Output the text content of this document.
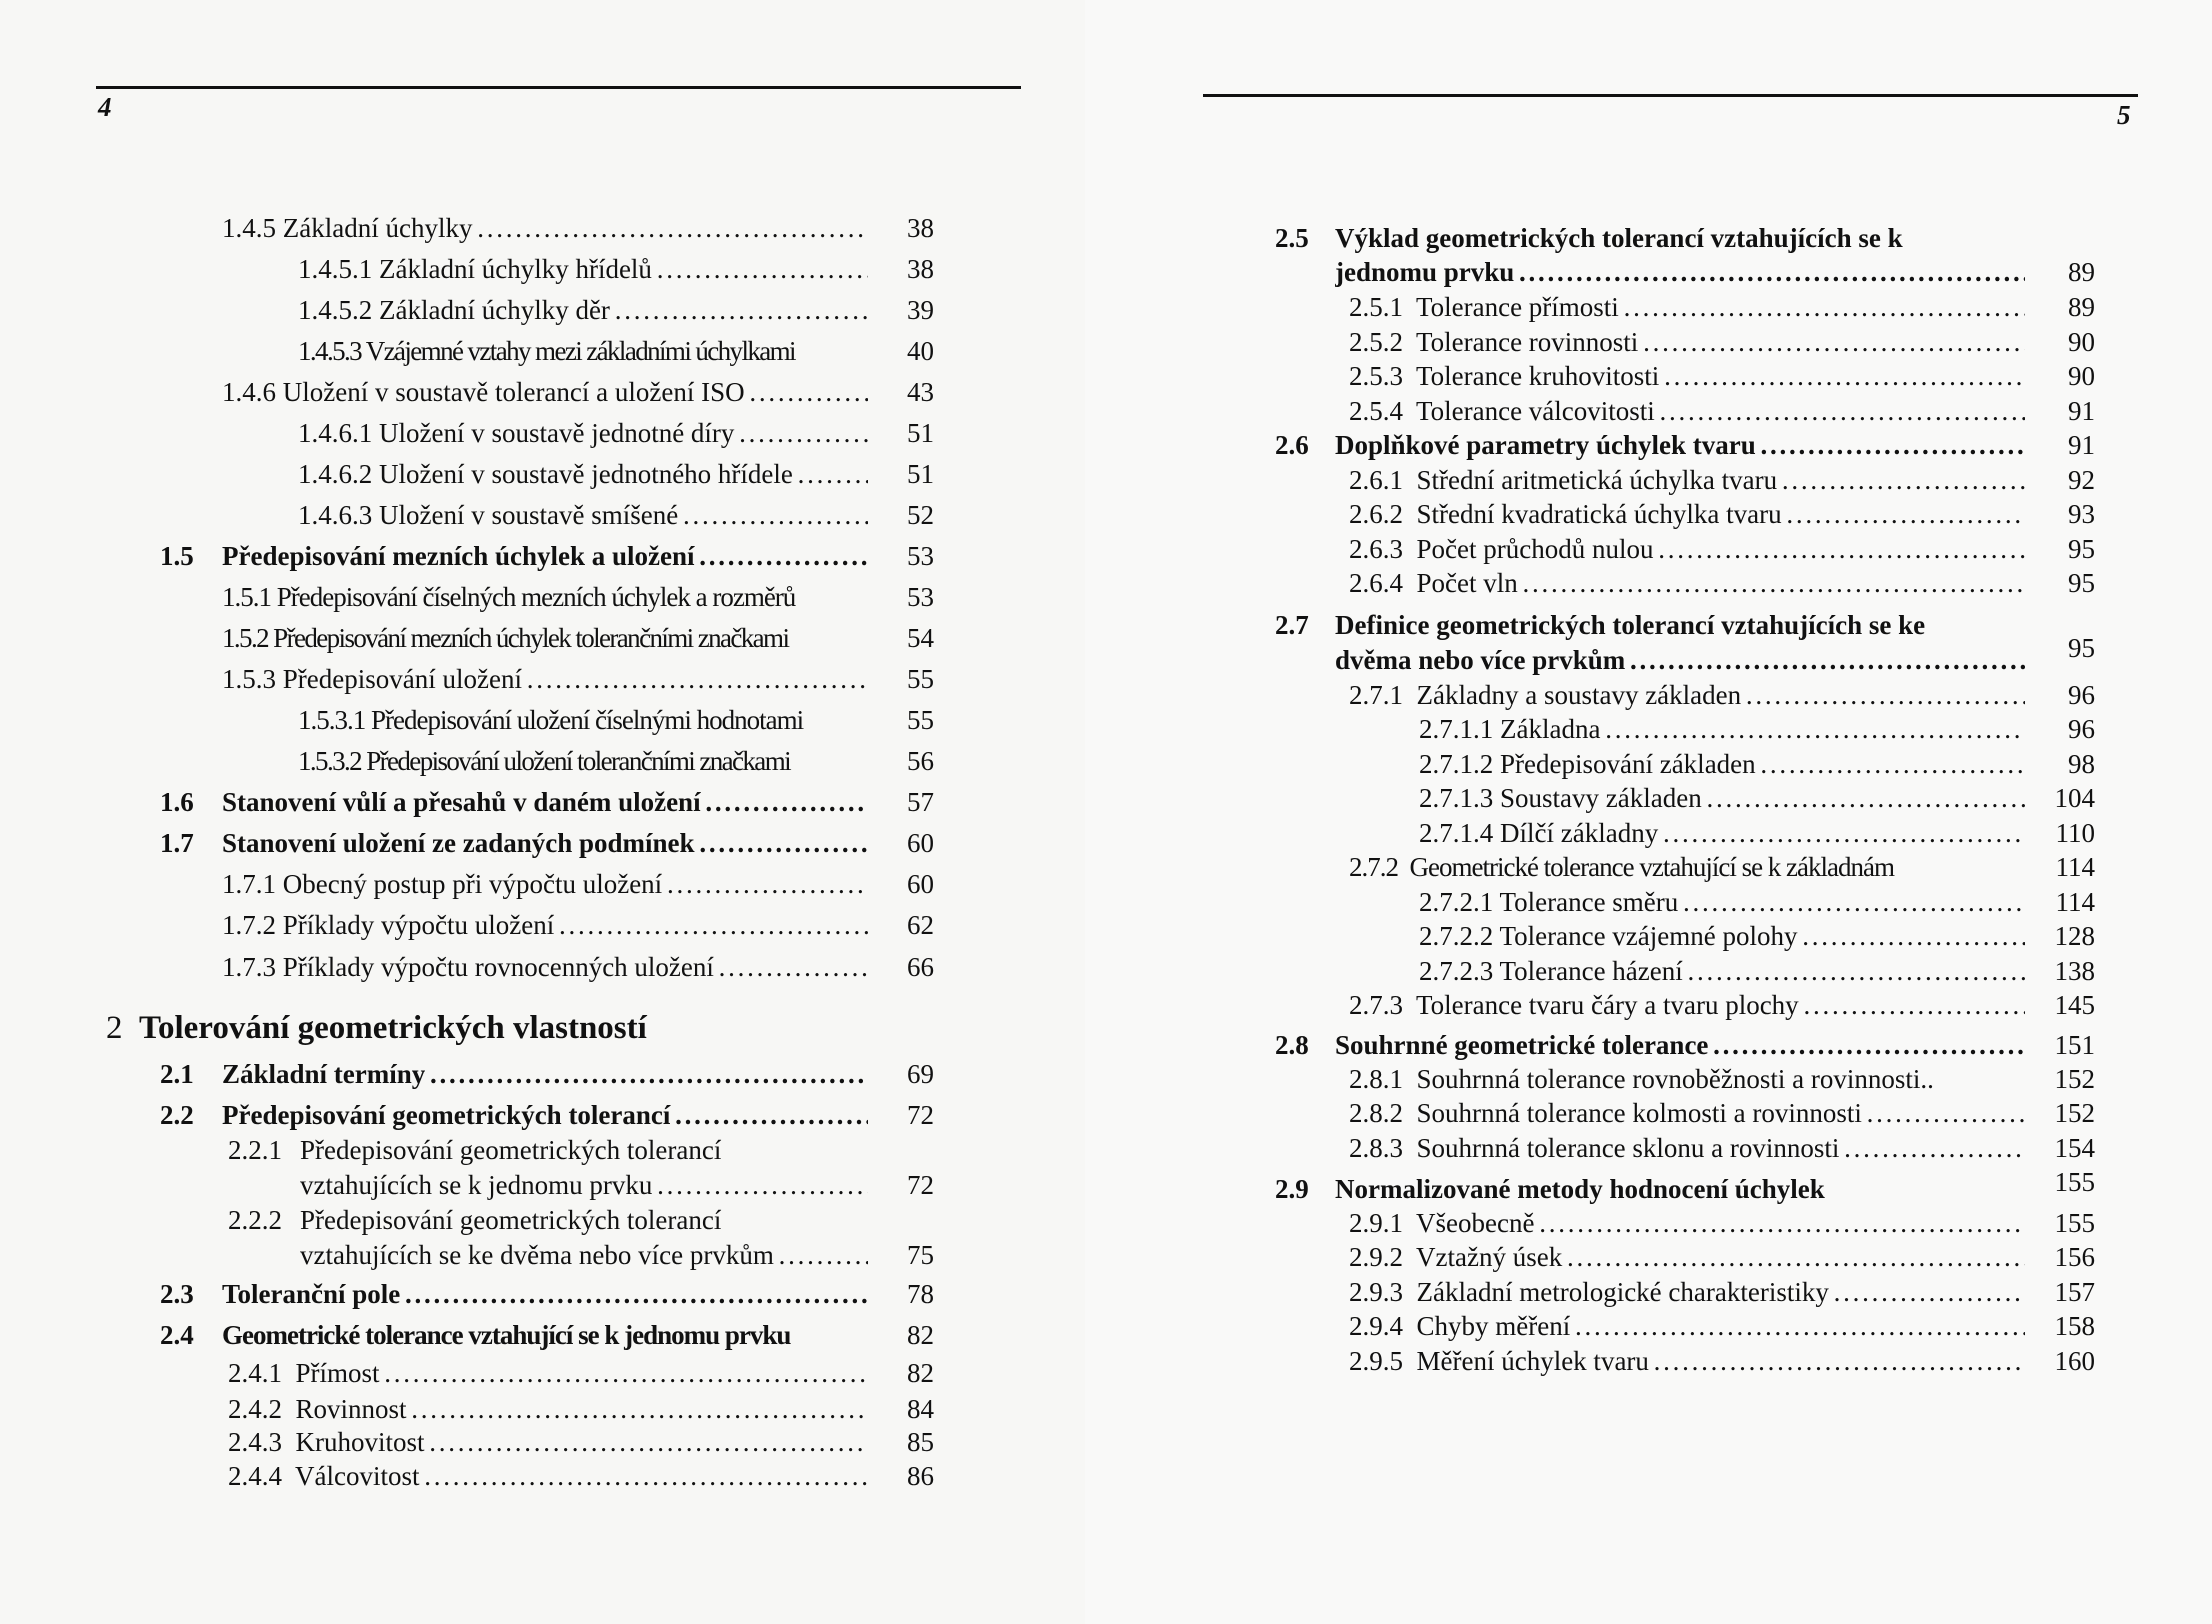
4
1.4.5 Základní úchylky . . .	38
1.4.5.1 Základní úchylky hřídelů . . .	38
1.4.5.2 Základní úchylky děr . . .	39
1.4.5.3 Vzájemné vztahy mezi základními úchylkami	40
1.4.6 Uložení v soustavě tolerancí a uložení ISO . . .	43
1.4.6.1 Uložení v soustavě jednotné díry . . .	51
1.4.6.2 Uložení v soustavě jednotného hřídele . . .	51
1.4.6.3 Uložení v soustavě smíšené . . .	52
1.5 Předepisování mezních úchylek a uložení . . .	53
1.5.1 Předepisování číselných mezních úchylek a rozměrů	53
1.5.2 Předepisování mezních úchylek tolerančními značkami	54
1.5.3 Předepisování uložení . . .	55
1.5.3.1 Předepisování uložení číselnými hodnotami	55
1.5.3.2 Předepisování uložení tolerančními značkami	56
1.6 Stanovení vůlí a přesahů v daném uložení . . .	57
1.7 Stanovení uložení ze zadaných podmínek . . .	60
1.7.1 Obecný postup při výpočtu uložení . . .	60
1.7.2 Příklady výpočtu uložení . . .	62
1.7.3 Příklady výpočtu rovnocenných uložení . . .	66
2 Tolerování geometrických vlastností
2.1 Základní termíny . . .	69
2.2 Předepisování geometrických tolerancí . . .	72
2.2.1 Předepisování geometrických tolerancí
vztahujících se k jednomu prvku . . .	72
2.2.2 Předepisování geometrických tolerancí
vztahujících se ke dvěma nebo více prvkům . . .	75
2.3 Toleranční pole . . .	78
2.4 Geometrické tolerance vztahující se k jednomu prvku	82
2.4.1 Přímost . . .	82
2.4.2 Rovinnost . . .	84
2.4.3 Kruhovitost . . .	85
2.4.4 Válcovitost . . .	86
5
2.5 Výklad geometrických tolerancí vztahujících se k
jednomu prvku . . .	89
2.5.1 Tolerance přímosti . . .	89
2.5.2 Tolerance rovinnosti . . .	90
2.5.3 Tolerance kruhovitosti . . .	90
2.5.4 Tolerance válcovitosti . . .	91
2.6 Doplňkové parametry úchylek tvaru . . .	91
2.6.1 Střední aritmetická úchylka tvaru . . .	92
2.6.2 Střední kvadratická úchylka tvaru . . .	93
2.6.3 Počet průchodů nulou . . .	95
2.6.4 Počet vln . . .	95
2.7 Definice geometrických tolerancí vztahujících se ke
dvěma nebo více prvkům . . .	95
2.7.1 Základny a soustavy základen . . .	96
2.7.1.1 Základna . . .	96
2.7.1.2 Předepisování základen . . .	98
2.7.1.3 Soustavy základen . . .	104
2.7.1.4 Dílčí základny . . .	110
2.7.2 Geometrické tolerance vztahující se k základnám	114
2.7.2.1 Tolerance směru . . .	114
2.7.2.2 Tolerance vzájemné polohy . . .	128
2.7.2.3 Tolerance házení . . .	138
2.7.3 Tolerance tvaru čáry a tvaru plochy . . .	145
2.8 Souhrnné geometrické tolerance . . .	151
2.8.1 Souhrnná tolerance rovnoběžnosti a rovinnosti..	152
2.8.2 Souhrnná tolerance kolmosti a rovinnosti . . .	152
2.8.3 Souhrnná tolerance sklonu a rovinnosti . . .	154
2.9 Normalizované metody hodnocení úchylek	155
2.9.1 Všeobecně . . .	155
2.9.2 Vztažný úsek . . .	156
2.9.3 Základní metrologické charakteristiky . . .	157
2.9.4 Chyby měření . . .	158
2.9.5 Měření úchylek tvaru . . .	160
